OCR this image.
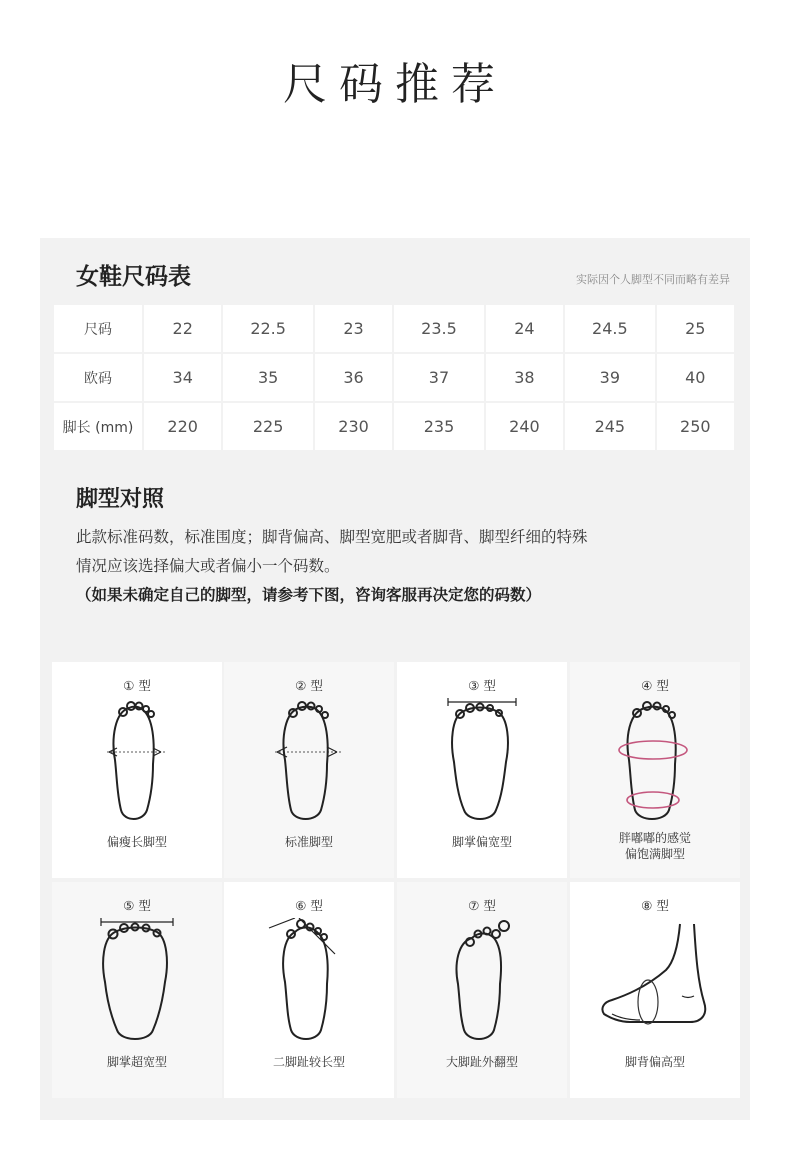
尺码推荐
女鞋尺码表	实际因个人脚型不同而略有差异
尺码	22	22.5	23	23.5	24	24.5	25
欧码	34	35	36	37	38	39	40
脚长 (mm)	220	225	230	235	240	245	250
脚型对照

此款标准码数，标准围度；脚背偏高、脚型宽肥或者脚背、脚型纤细的特殊

情况应该选择偏大或者偏小一个码数。

（如果未确定自己的脚型，请参考下图，咨询客服再决定您的码数）

① 型
偏瘦长脚型
② 型
标准脚型
③ 型
脚掌偏宽型
④ 型
胖嘟嘟的感觉
偏饱满脚型
⑤ 型
脚掌超宽型
⑥ 型
二脚趾较长型
⑦ 型
大脚趾外翻型
⑧ 型
脚背偏高型
